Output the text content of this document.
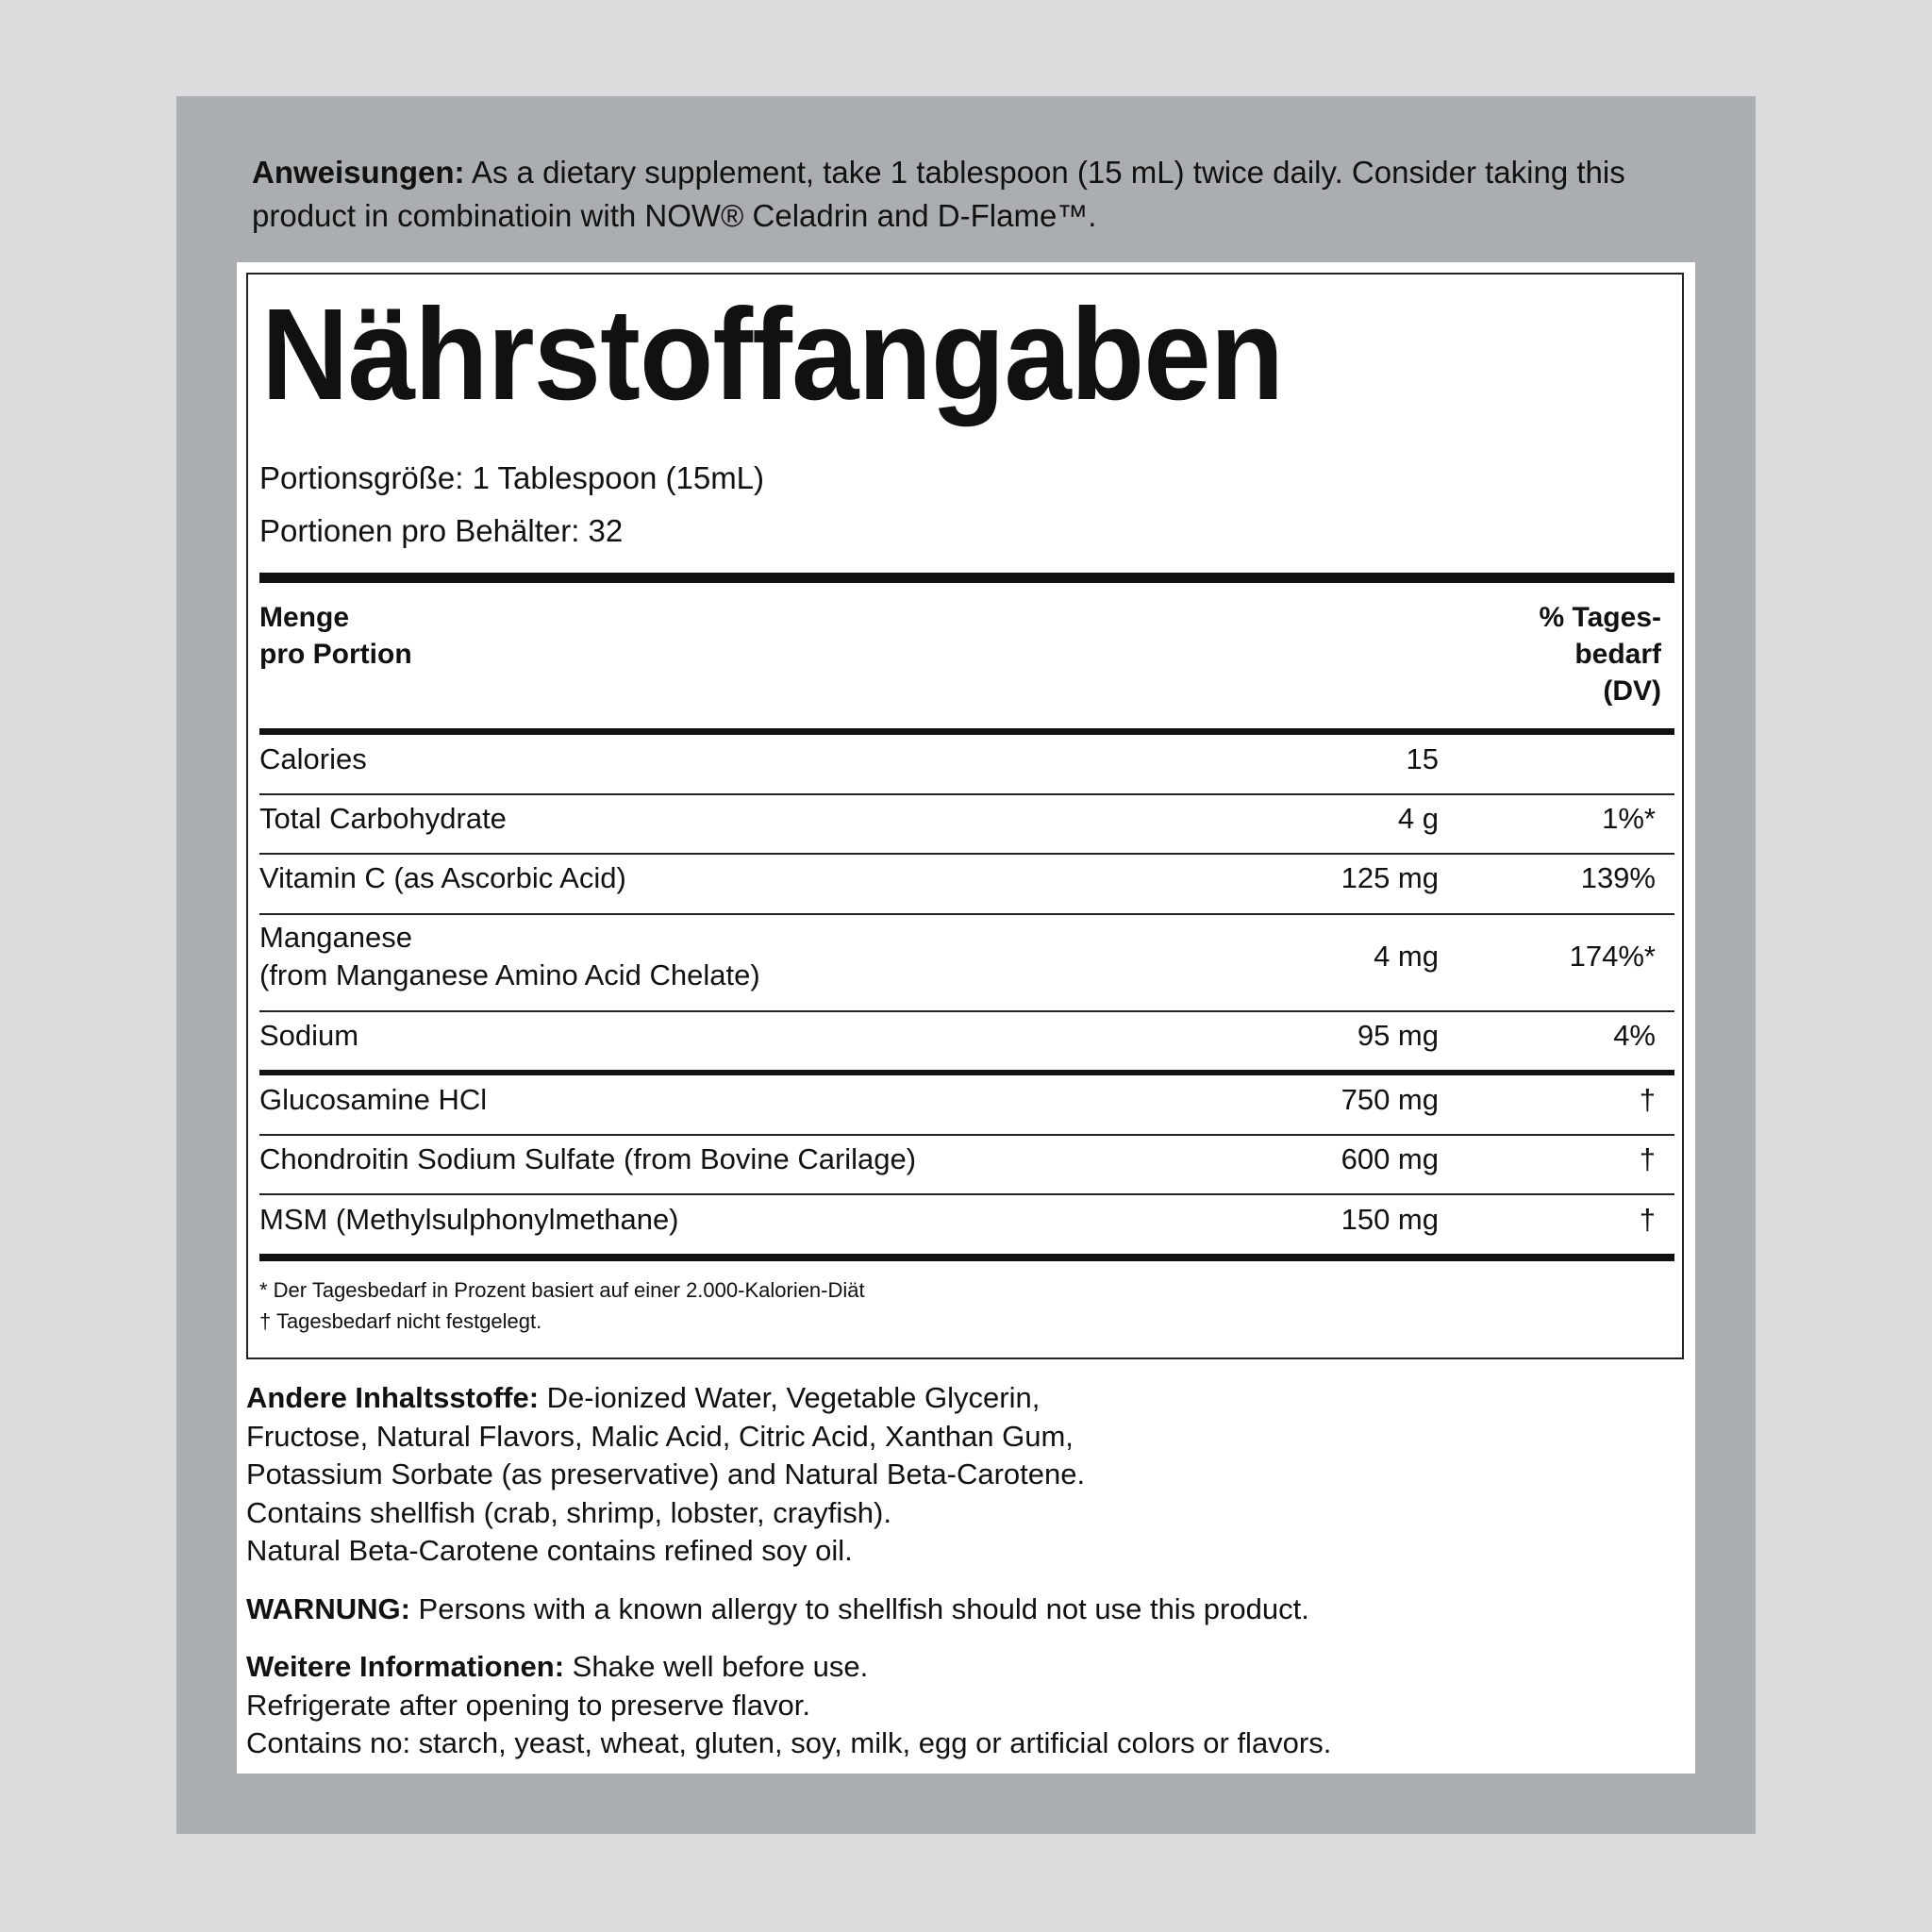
Anweisungen: As a dietary supplement, take 1 tablespoon (15 mL) twice daily. Consider taking this product in combinatioin with NOW® Celadrin and D-Flame™.
Nährstoffangaben
Portionsgröße: 1 Tablespoon (15mL)
Portionen pro Behälter: 32
Menge
pro Portion
% Tages-
bedarf
(DV)
Calories	15
Total Carbohydrate	4 g	1%*
Vitamin C (as Ascorbic Acid)	125 mg	139%
Manganese
(from Manganese Amino Acid Chelate)
4 mg	174%*
Sodium	95 mg	4%
Glucosamine HCl	750 mg	†
Chondroitin Sodium Sulfate (from Bovine Carilage)	600 mg	†
MSM (Methylsulphonylmethane)	150 mg	†
* Der Tagesbedarf in Prozent basiert auf einer 2.000-Kalorien-Diät
† Tagesbedarf nicht festgelegt.
Andere Inhaltsstoffe: De-ionized Water, Vegetable Glycerin,
Fructose, Natural Flavors, Malic Acid, Citric Acid, Xanthan Gum,
Potassium Sorbate (as preservative) and Natural Beta-Carotene.
Contains shellfish (crab, shrimp, lobster, crayfish).
Natural Beta-Carotene contains refined soy oil.
WARNUNG: Persons with a known allergy to shellfish should not use this product.
Weitere Informationen: Shake well before use.
Refrigerate after opening to preserve flavor.
Contains no: starch, yeast, wheat, gluten, soy, milk, egg or artificial colors or flavors.
